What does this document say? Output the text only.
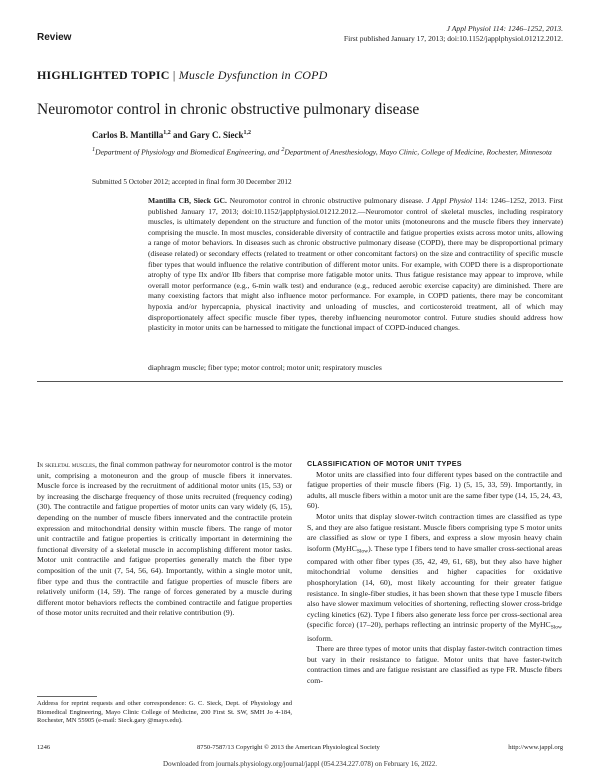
Review
J Appl Physiol 114: 1246–1252, 2013.
First published January 17, 2013; doi:10.1152/japplphysiol.01212.2012.
HIGHLIGHTED TOPIC | Muscle Dysfunction in COPD
Neuromotor control in chronic obstructive pulmonary disease
Carlos B. Mantilla$^{1,2}$ and Gary C. Sieck$^{1,2}$
$^1$Department of Physiology and Biomedical Engineering, and $^2$Department of Anesthesiology, Mayo Clinic, College of Medicine, Rochester, Minnesota
Submitted 5 October 2012; accepted in final form 30 December 2012
Mantilla CB, Sieck GC. Neuromotor control in chronic obstructive pulmonary disease. J Appl Physiol 114: 1246–1252, 2013. First published January 17, 2013; doi:10.1152/japplphysiol.01212.2012.—Neuromotor control of skeletal muscles, including respiratory muscles, is ultimately dependent on the structure and function of the motor units (motoneurons and the muscle fibers they innervate) comprising the muscle. In most muscles, considerable diversity of contractile and fatigue properties exists across motor units, allowing a range of motor behaviors. In diseases such as chronic obstructive pulmonary disease (COPD), there may be disproportional primary (disease related) or secondary effects (related to treatment or other concomitant factors) on the size and contractility of specific muscle fiber types that would influence the relative contribution of different motor units. For example, with COPD there is a disproportionate atrophy of type IIx and/or IIb fibers that comprise more fatigable motor units. Thus fatigue resistance may appear to improve, while overall motor performance (e.g., 6-min walk test) and endurance (e.g., reduced aerobic exercise capacity) are diminished. There are many coexisting factors that might also influence motor performance. For example, in COPD patients, there may be concomitant hypoxia and/or hypercapnia, physical inactivity and unloading of muscles, and corticosteroid treatment, all of which may disproportionately affect specific muscle fiber types, thereby influencing neuromotor control. Future studies should address how plasticity in motor units can be harnessed to mitigate the functional impact of COPD-induced changes.
diaphragm muscle; fiber type; motor control; motor unit; respiratory muscles

In skeletal muscles, the final common pathway for neuromotor control is the motor unit, comprising a motoneuron and the group of muscle fibers it innervates. Muscle force is increased by the recruitment of additional motor units (15, 53) or by increasing the discharge frequency of those units recruited (frequency coding) (30). The contractile and fatigue properties of motor units can vary widely (6, 15), depending on the number of muscle fibers innervated and the contractile protein expression and mitochondrial density within muscle fibers. The range of motor unit contractile and fatigue properties is critically important in determining the functional diversity of a skeletal muscle in accomplishing different motor tasks. Motor unit contractile and fatigue properties generally match the fiber type composition of the unit (7, 54, 56, 64). Importantly, within a single motor unit, fiber type and thus the contractile and fatigue properties of muscle fibers are relatively uniform (14, 59). The range of forces generated by a muscle during different motor behaviors reflects the combined contractile and fatigue properties of those motor units recruited and their relative contribution (9).

CLASSIFICATION OF MOTOR UNIT TYPES

Motor units are classified into four different types based on the contractile and fatigue properties of their muscle fibers (Fig. 1) (5, 15, 33, 59). Importantly, in adults, all muscle fibers within a motor unit are the same fiber type (14, 15, 24, 43, 60).

Motor units that display slower-twitch contraction times are classified as type S, and they are also fatigue resistant. Muscle fibers comprising type S motor units are classified as slow or type I fibers, and express a slow myosin heavy chain isoform (MyHC$_{Slow}$). These type I fibers tend to have smaller cross-sectional areas compared with other fiber types (35, 42, 49, 61, 68), but they also have higher mitochondrial volume densities and higher capacities for oxidative phosphorylation (14, 60), most likely accounting for their greater fatigue resistance. In single-fiber studies, it has been shown that these type I muscle fibers also have slower maximum velocities of shortening, reflecting slower cross-bridge cycling kinetics (62). Type I fibers also generate less force per cross-sectional area (specific force) (17–20), perhaps reflecting an intrinsic property of the MyHC$_{Slow}$ isoform.

There are three types of motor units that display faster-twitch contraction times but vary in their resistance to fatigue. Motor units that have faster-twitch contraction times and are fatigue resistant are classified as type FR. Muscle fibers com-

Address for reprint requests and other correspondence: G. C. Sieck, Dept. of Physiology and Biomedical Engineering, Mayo Clinic College of Medicine, 200 First St. SW, SMH Jo 4-184, Rochester, MN 55905 (e-mail: Sieck.gary @mayo.edu).
1246	8750-7587/13 Copyright © 2013 the American Physiological Society	http://www.jappl.org
Downloaded from journals.physiology.org/journal/jappl (054.234.227.078) on February 16, 2022.
